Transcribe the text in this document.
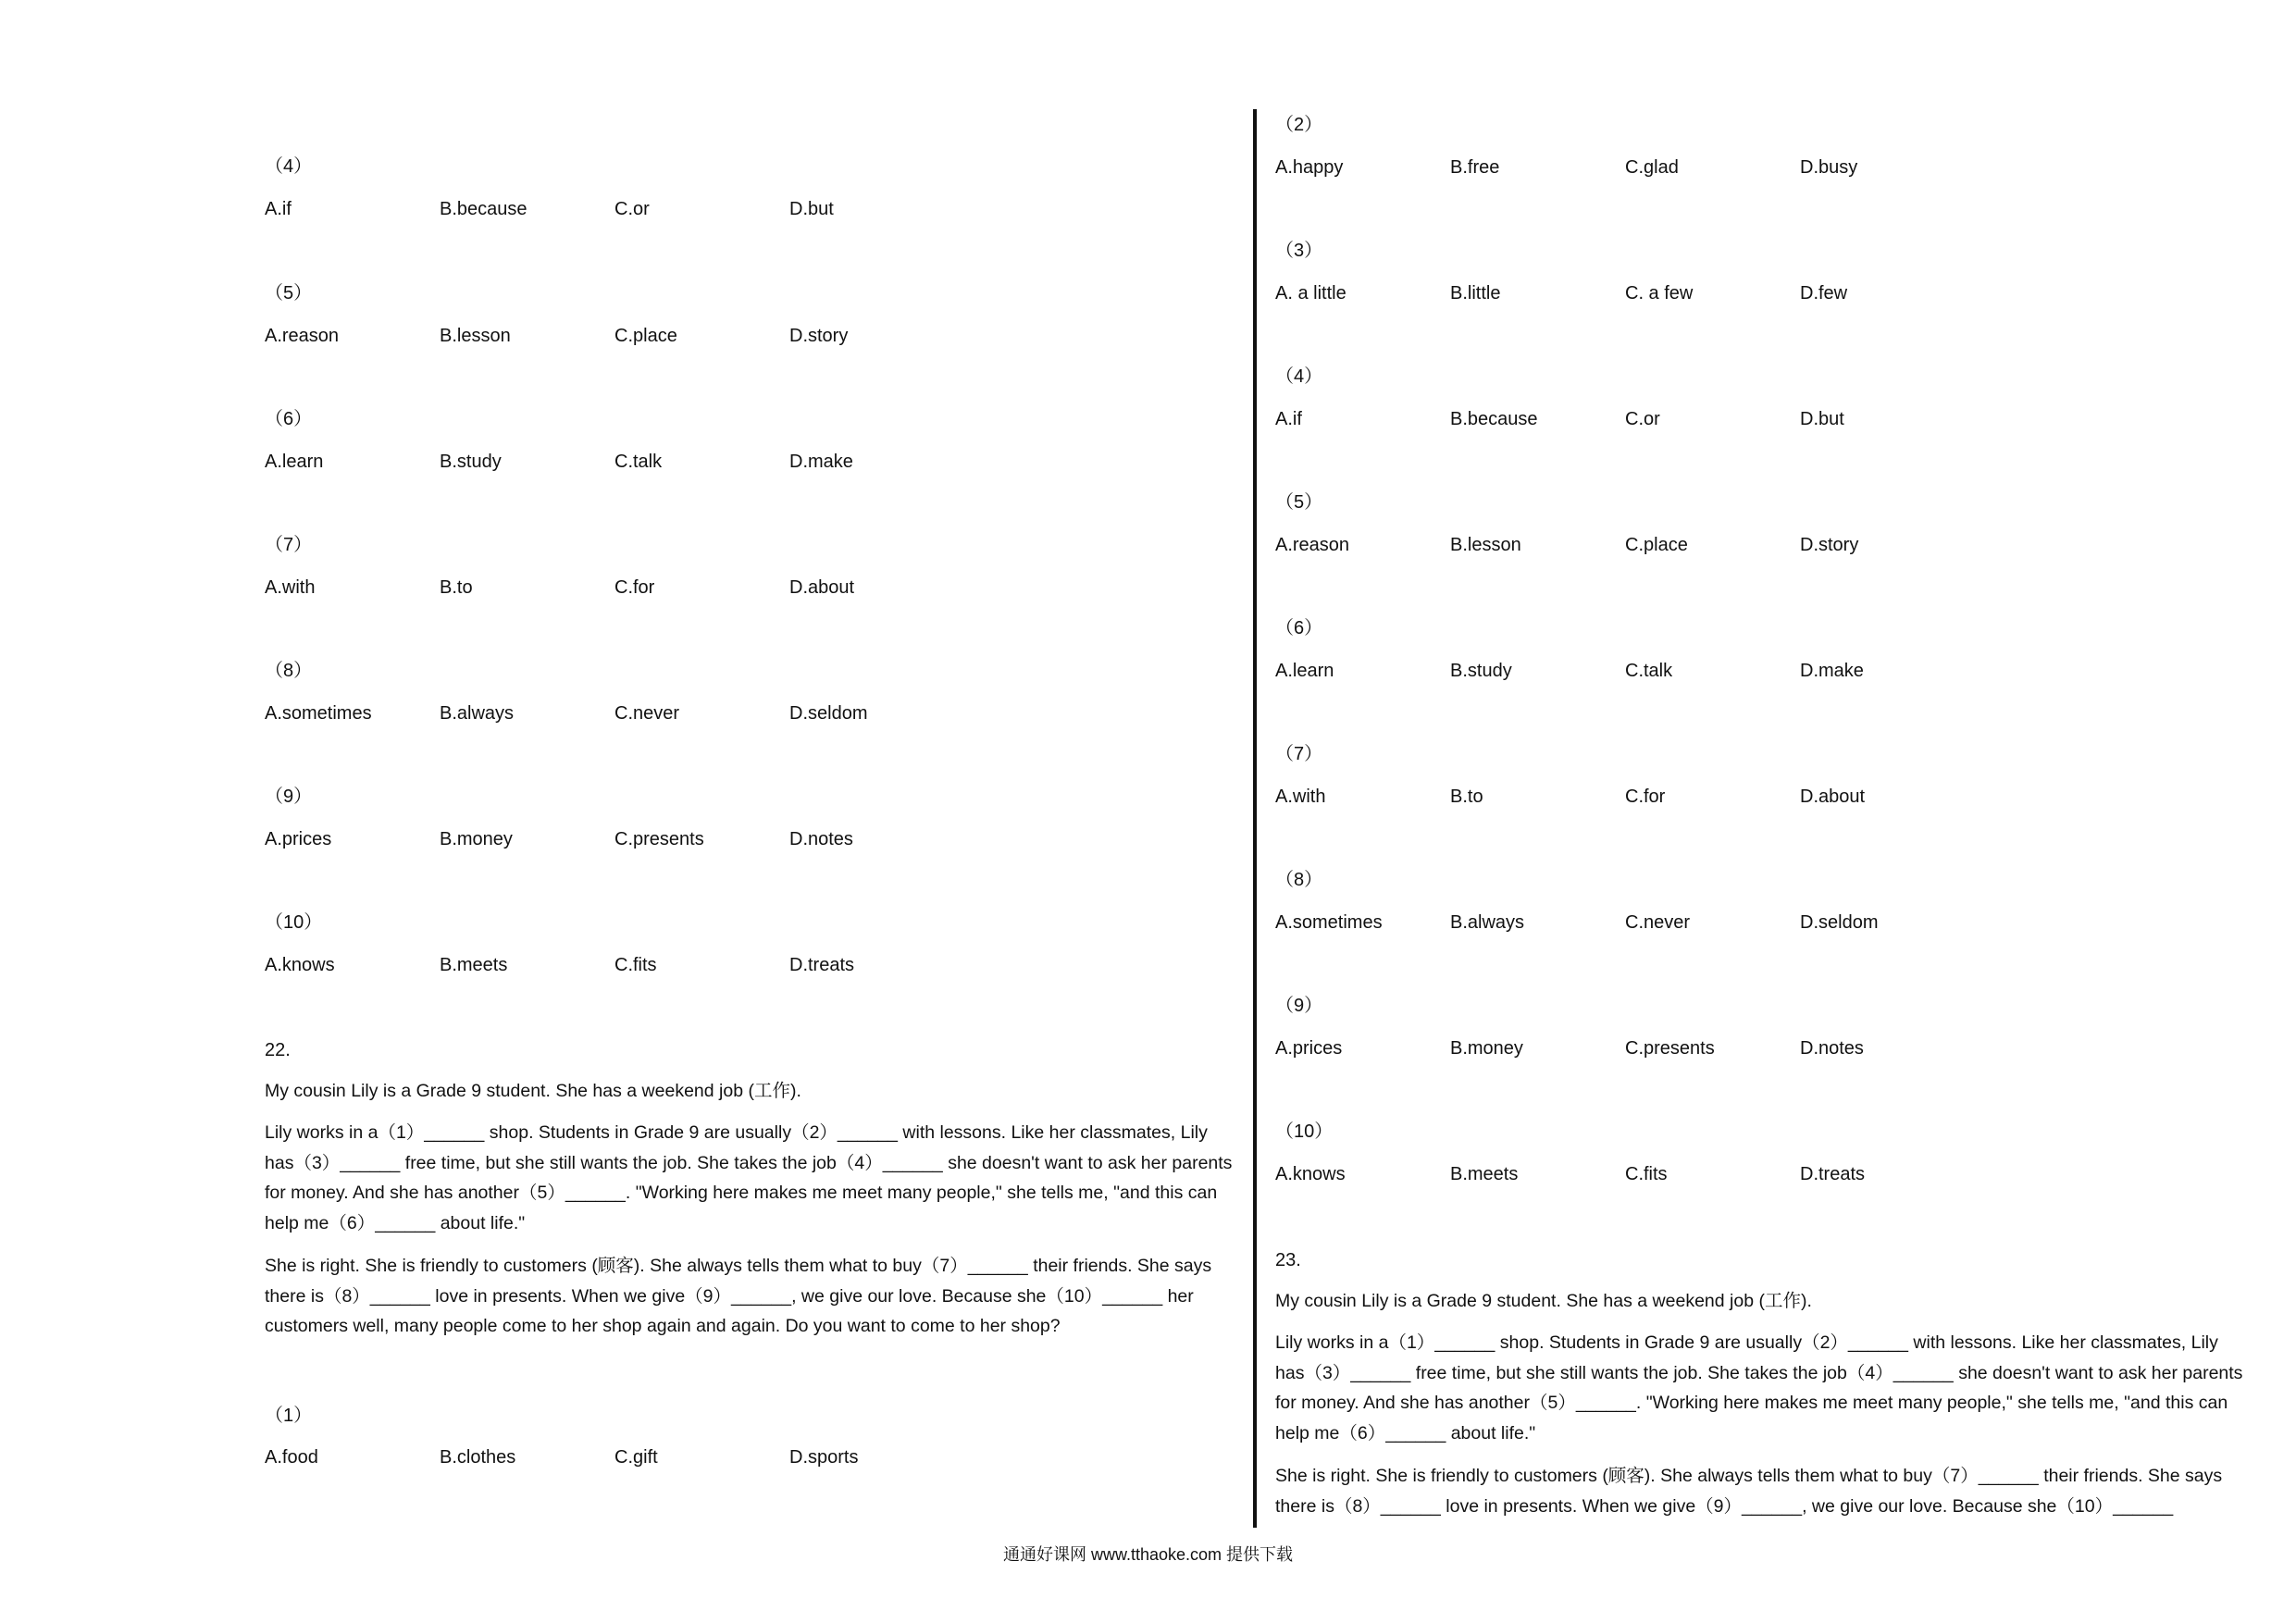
（4）
A.if	B.because	C.or	D.but
（5）
A.reason	B.lesson	C.place	D.story
（6）
A.learn	B.study	C.talk	D.make
（7）
A.with	B.to	C.for	D.about
（8）
A.sometimes	B.always	C.never	D.seldom
（9）
A.prices	B.money	C.presents	D.notes
（10）
A.knows	B.meets	C.fits	D.treats
22.

My cousin Lily is a Grade 9 student. She has a weekend job (工作).

Lily works in a（1）______ shop. Students in Grade 9 are usually（2）______ with lessons. Like her classmates, Lily has（3）______ free time, but she still wants the job. She takes the job（4）______ she doesn't want to ask her parents for money. And she has another（5）______. "Working here makes me meet many people," she tells me, "and this can help me（6）______ about life."

She is right. She is friendly to customers (顾客). She always tells them what to buy（7）______ their friends. She says there is（8）______ love in presents. When we give（9）______, we give our love. Because she（10）______ her customers well, many people come to her shop again and again. Do you want to come to her shop?

（1）
A.food	B.clothes	C.gift	D.sports
（2）
A.happy	B.free	C.glad	D.busy
（3）
A. a little	B.little	C. a few	D.few
（4）
A.if	B.because	C.or	D.but
（5）
A.reason	B.lesson	C.place	D.story
（6）
A.learn	B.study	C.talk	D.make
（7）
A.with	B.to	C.for	D.about
（8）
A.sometimes	B.always	C.never	D.seldom
（9）
A.prices	B.money	C.presents	D.notes
（10）
A.knows	B.meets	C.fits	D.treats
23.

My cousin Lily is a Grade 9 student. She has a weekend job (工作).

Lily works in a（1）______ shop. Students in Grade 9 are usually（2）______ with lessons. Like her classmates, Lily has（3）______ free time, but she still wants the job. She takes the job（4）______ she doesn't want to ask her parents for money. And she has another（5）______. "Working here makes me meet many people," she tells me, "and this can help me（6）______ about life."

She is right. She is friendly to customers (顾客). She always tells them what to buy（7）______ their friends. She says there is（8）______ love in presents. When we give（9）______, we give our love. Because she（10）______

通通好课网 www.tthaoke.com 提供下载
